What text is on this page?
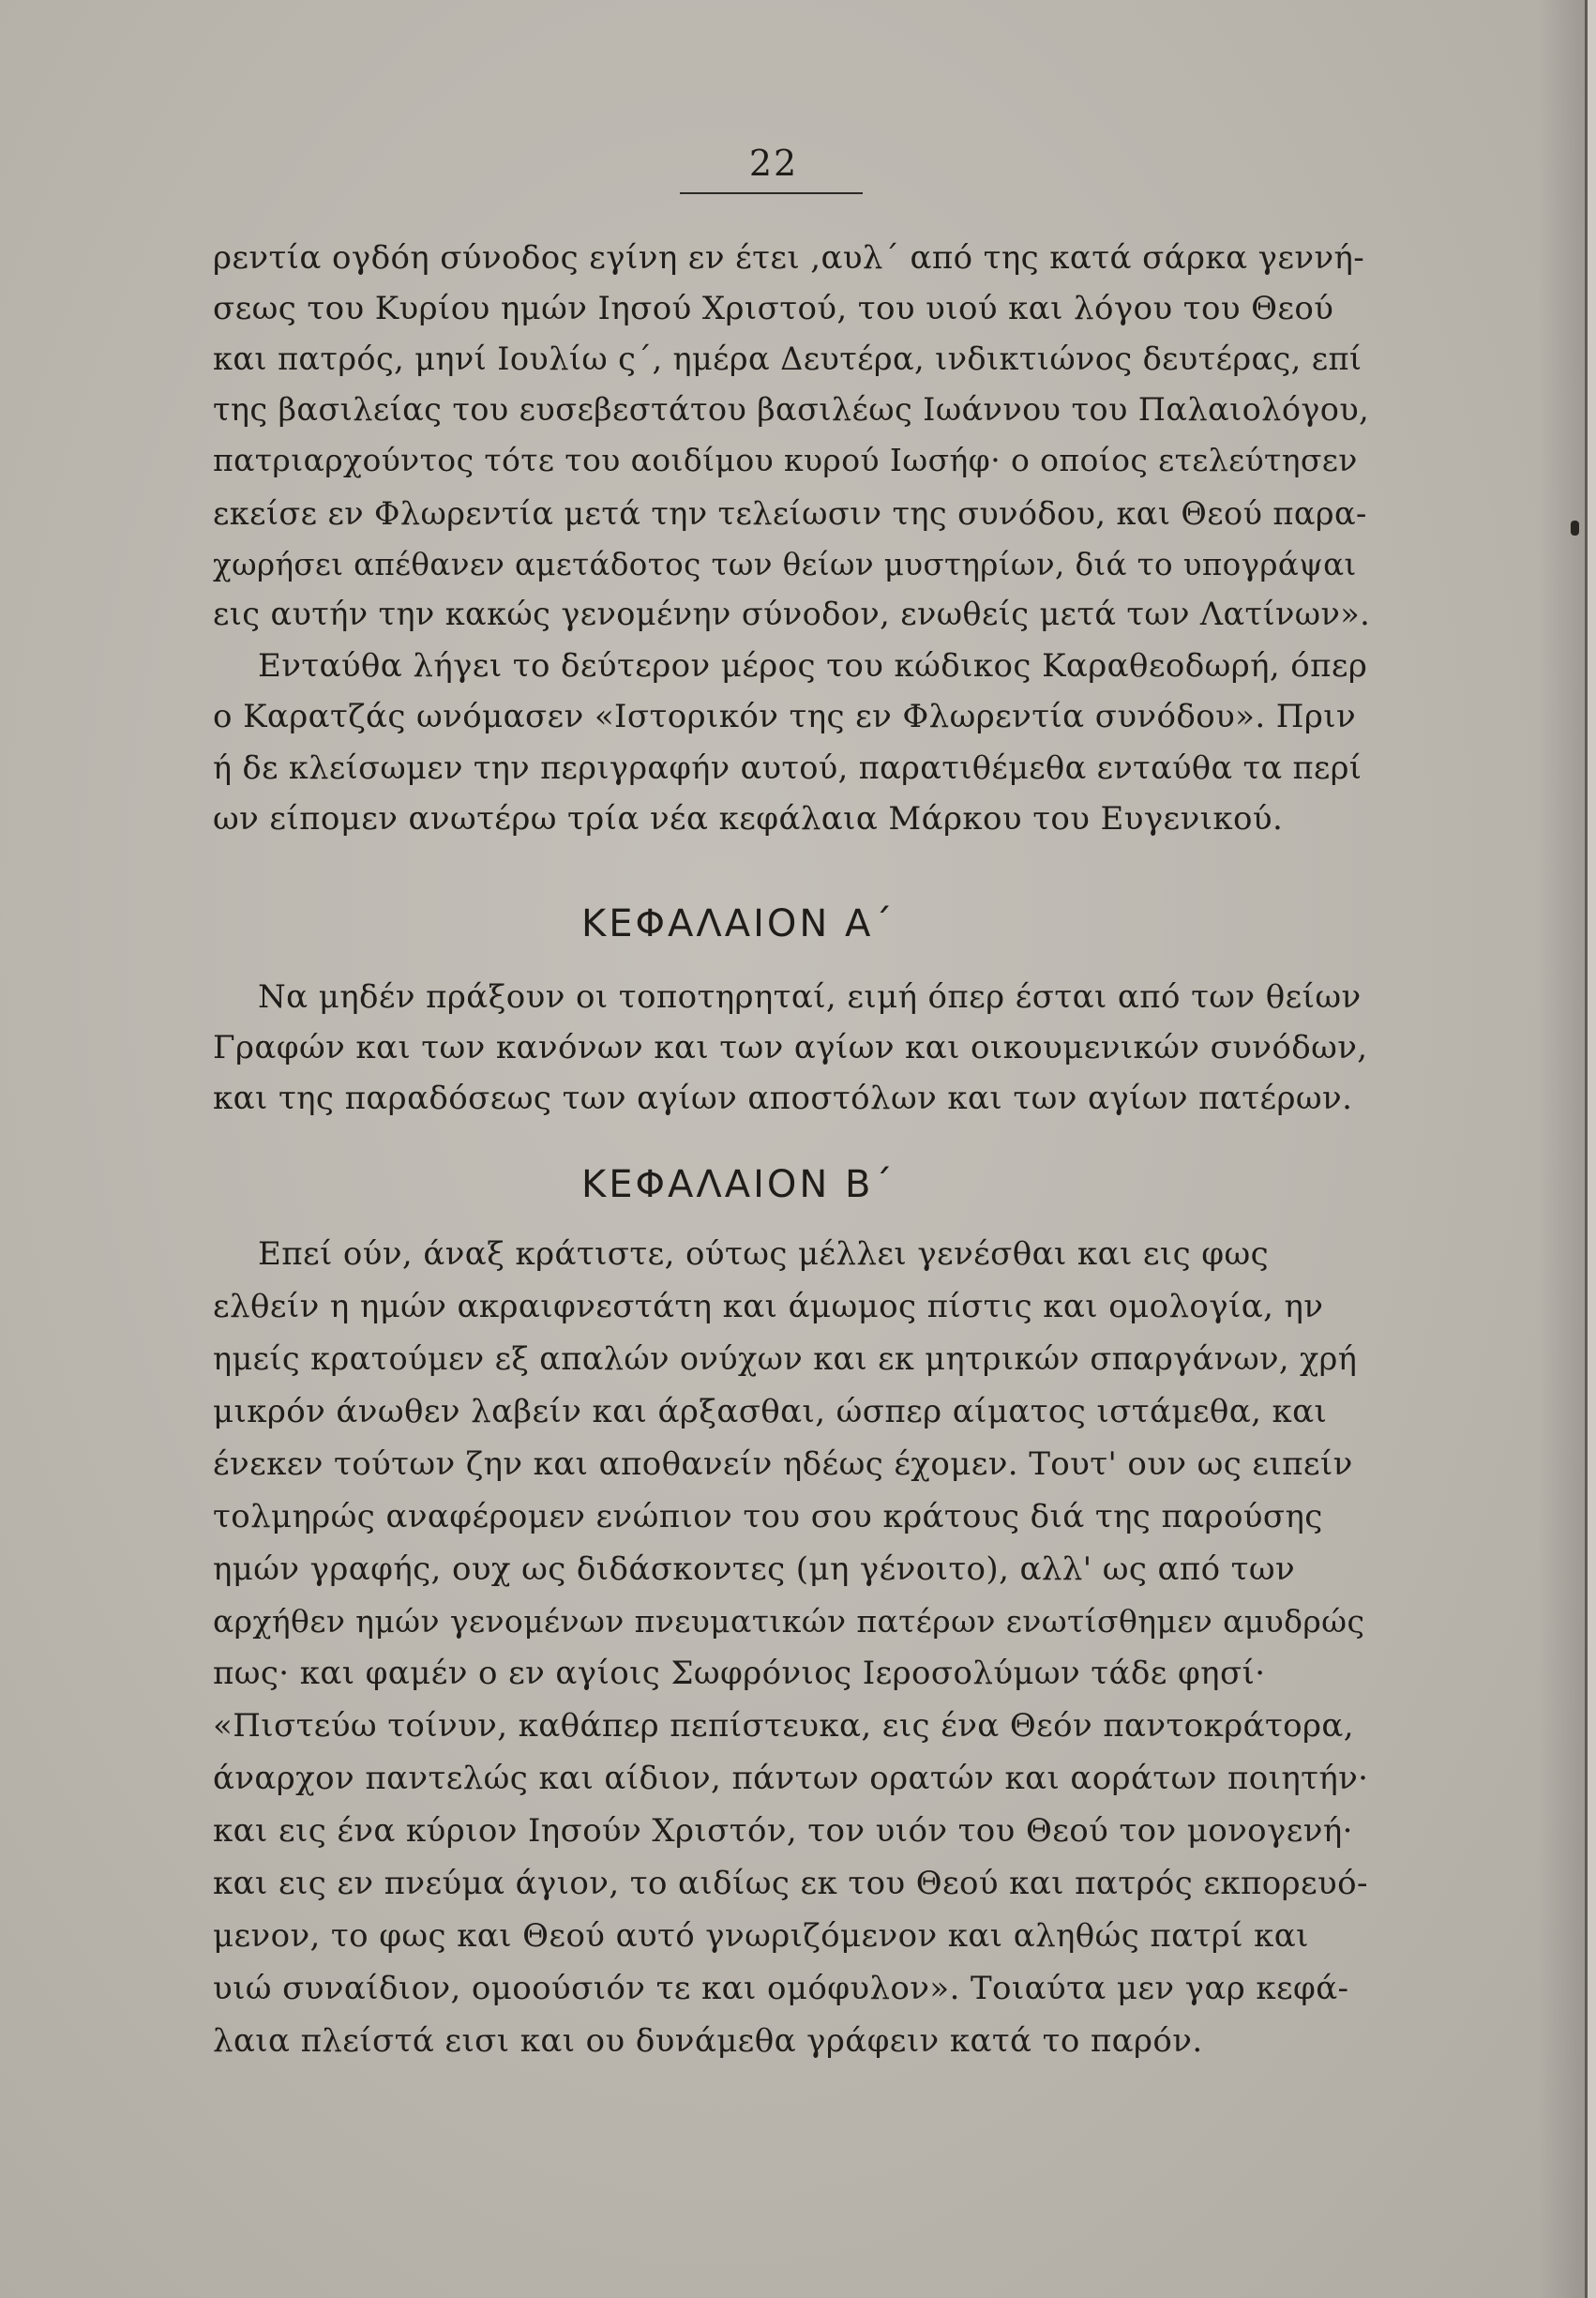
22
ρεντία ογδόη σύνοδος εγίνη εν έτει ,αυλ΄ από της κατά σάρκα γεννή-
σεως του Κυρίου ημών Ιησού Χριστού, του υιού και λόγου του Θεού
και πατρός, μηνί Ιουλίω ς΄, ημέρα Δευτέρα, ινδικτιώνος δευτέρας, επί
της βασιλείας του ευσεβεστάτου βασιλέως Ιωάννου του Παλαιολόγου,
πατριαρχούντος τότε του αοιδίμου κυρού Ιωσήφ· ο οποίος ετελεύτησεν
εκείσε εν Φλωρεντία μετά την τελείωσιν της συνόδου, και Θεού παρα-
χωρήσει απέθανεν αμετάδοτος των θείων μυστηρίων, διά το υπογράψαι
εις αυτήν την κακώς γενομένην σύνοδον, ενωθείς μετά των Λατίνων».
Ενταύθα λήγει το δεύτερον μέρος του κώδικος Καραθεοδωρή, όπερ
ο Καρατζάς ωνόμασεν «Ιστορικόν της εν Φλωρεντία συνόδου». Πριν
ή δε κλείσωμεν την περιγραφήν αυτού, παρατιθέμεθα ενταύθα τα περί
ων είπομεν ανωτέρω τρία νέα κεφάλαια Μάρκου του Ευγενικού.
ΚΕΦΑΛΑΙΟΝ Α΄
Να μηδέν πράξουν οι τοποτηρηταί, ειμή όπερ έσται από των θείων
Γραφών και των κανόνων και των αγίων και οικουμενικών συνόδων,
και της παραδόσεως των αγίων αποστόλων και των αγίων πατέρων.
ΚΕΦΑΛΑΙΟΝ Β΄
Επεί ούν, άναξ κράτιστε, ούτως μέλλει γενέσθαι και εις φως
ελθείν η ημών ακραιφνεστάτη και άμωμος πίστις και ομολογία, ην
ημείς κρατούμεν εξ απαλών ονύχων και εκ μητρικών σπαργάνων, χρή
μικρόν άνωθεν λαβείν και άρξασθαι, ώσπερ αίματος ιστάμεθα, και
ένεκεν τούτων ζην και αποθανείν ηδέως έχομεν. Τουτ' ουν ως ειπείν
τολμηρώς αναφέρομεν ενώπιον του σου κράτους διά της παρούσης
ημών γραφής, ουχ ως διδάσκοντες (μη γένοιτο), αλλ' ως από των
αρχήθεν ημών γενομένων πνευματικών πατέρων ενωτίσθημεν αμυδρώς
πως· και φαμέν ο εν αγίοις Σωφρόνιος Ιεροσολύμων τάδε φησί·
«Πιστεύω τοίνυν, καθάπερ πεπίστευκα, εις ένα Θεόν παντοκράτορα,
άναρχον παντελώς και αίδιον, πάντων ορατών και αοράτων ποιητήν·
και εις ένα κύριον Ιησούν Χριστόν, τον υιόν του Θεού τον μονογενή·
και εις εν πνεύμα άγιον, το αιδίως εκ του Θεού και πατρός εκπορευό-
μενον, το φως και Θεού αυτό γνωριζόμενον και αληθώς πατρί και
υιώ συναίδιον, ομοούσιόν τε και ομόφυλον». Τοιαύτα μεν γαρ κεφά-
λαια πλείστά εισι και ου δυνάμεθα γράφειν κατά το παρόν.
